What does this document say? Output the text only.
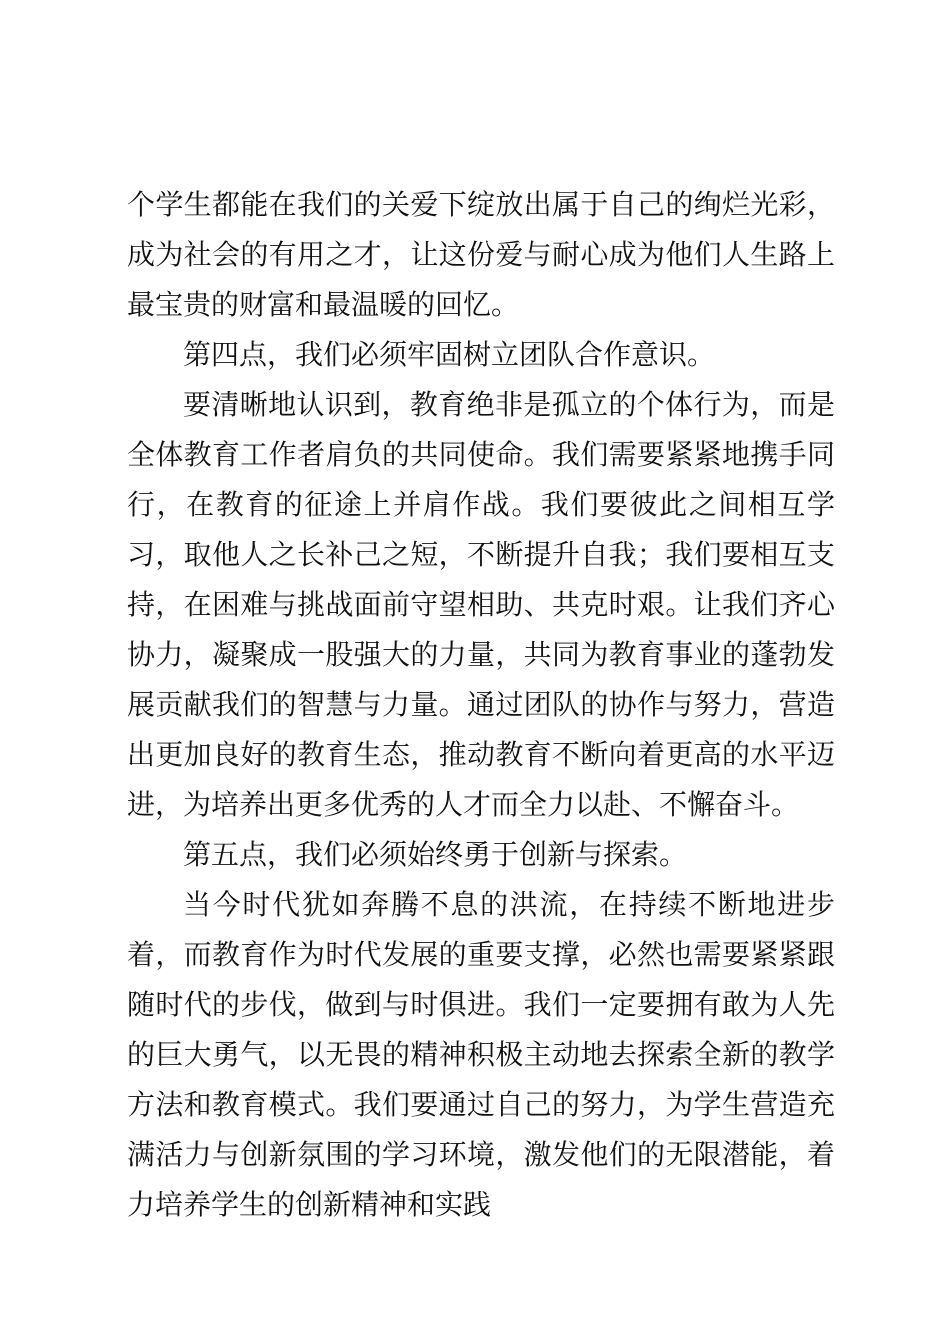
个学生都能在我们的关爱下绽放出属于自己的绚烂光彩，成为社会的有用之才，让这份爱与耐心成为他们人生路上最宝贵的财富和最温暖的回忆。

第四点，我们必须牢固树立团队合作意识。

要清晰地认识到，教育绝非是孤立的个体行为，而是全体教育工作者肩负的共同使命。我们需要紧紧地携手同行，在教育的征途上并肩作战。我们要彼此之间相互学习，取他人之长补己之短，不断提升自我；我们要相互支持，在困难与挑战面前守望相助、共克时艰。让我们齐心协力，凝聚成一股强大的力量，共同为教育事业的蓬勃发展贡献我们的智慧与力量。通过团队的协作与努力，营造出更加良好的教育生态，推动教育不断向着更高的水平迈进，为培养出更多优秀的人才而全力以赴、不懈奋斗。

第五点，我们必须始终勇于创新与探索。

当今时代犹如奔腾不息的洪流，在持续不断地进步着，而教育作为时代发展的重要支撑，必然也需要紧紧跟随时代的步伐，做到与时俱进。我们一定要拥有敢为人先的巨大勇气，以无畏的精神积极主动地去探索全新的教学方法和教育模式。我们要通过自己的努力，为学生营造充满活力与创新氛围的学习环境，激发他们的无限潜能，着力培养学生的创新精神和实践
